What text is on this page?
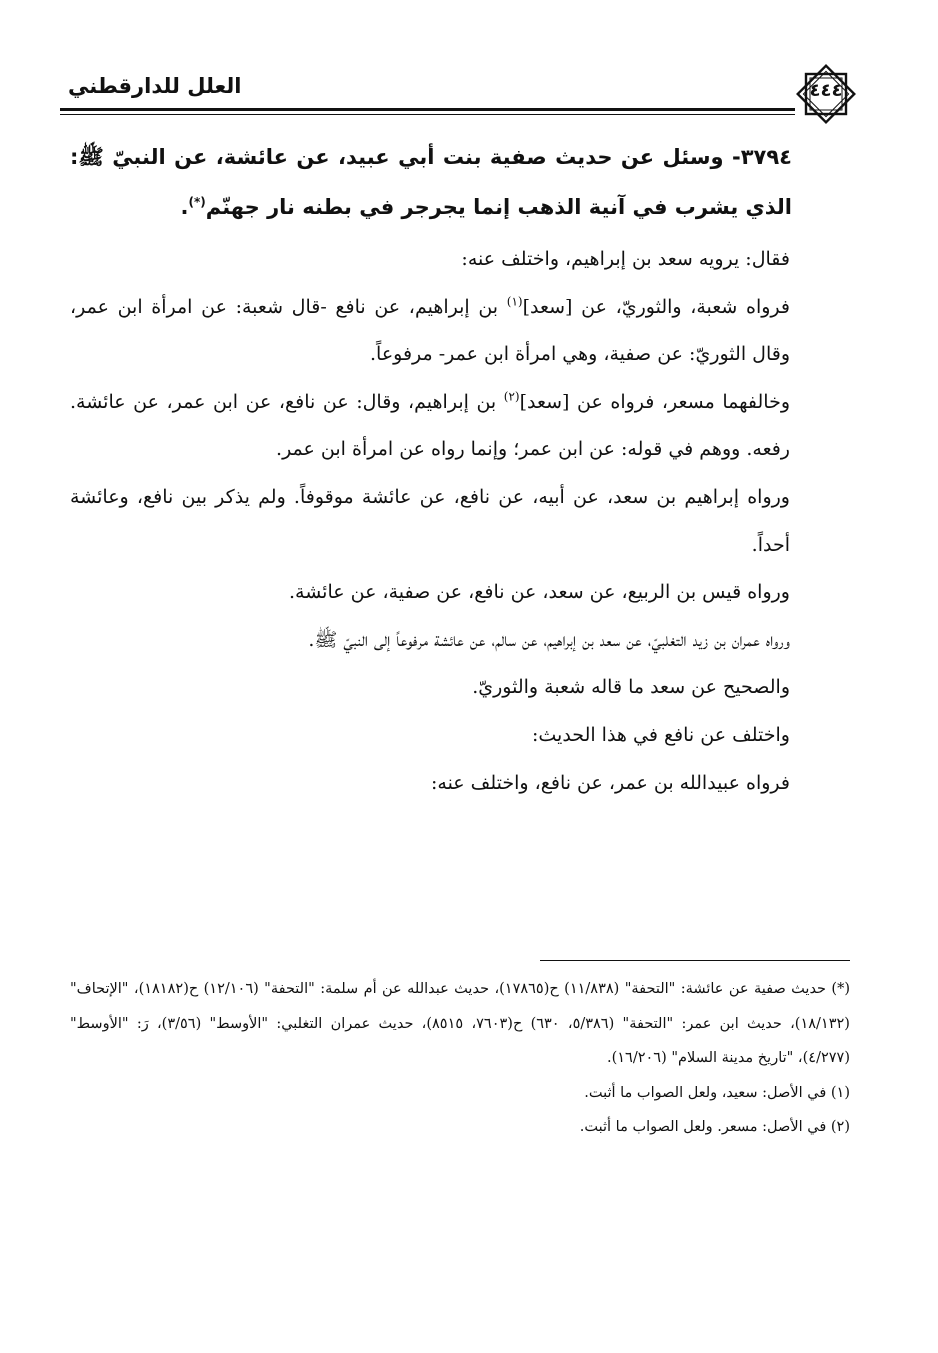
٤٤٤
العلل للدارقطني

٣٧٩٤- وسئل عن حديث صفية بنت أبي عبيد، عن عائشة، عن النبيّ ﷺ: الذي يشرب في آنية الذهب إنما يجرجر في بطنه نار جهنّم(*).

فقال: يرويه سعد بن إبراهيم، واختلف عنه:

فرواه شعبة، والثوريّ، عن [سعد]$^{(١)}$ بن إبراهيم، عن نافع -قال شعبة: عن امرأة ابن عمر، وقال الثوريّ: عن صفية، وهي امرأة ابن عمر- مرفوعاً.

وخالفهما مسعر، فرواه عن [سعد]$^{(٢)}$ بن إبراهيم، وقال: عن نافع، عن ابن عمر، عن عائشة. رفعه. ووهم في قوله: عن ابن عمر؛ وإنما رواه عن امرأة ابن عمر.

ورواه إبراهيم بن سعد، عن أبيه، عن نافع، عن عائشة موقوفاً. ولم يذكر بين نافع، وعائشة أحداً.

ورواه قيس بن الربيع، عن سعد، عن نافع، عن صفية، عن عائشة.

ورواه عمران بن زيد التغلبيّ، عن سعد بن إبراهيم، عن سالم، عن عائشة مرفوعاً إلى النبيّ ﷺ.

والصحيح عن سعد ما قاله شعبة والثوريّ.

واختلف عن نافع في هذا الحديث:

فرواه عبيدالله بن عمر، عن نافع، واختلف عنه:

(*) حديث صفية عن عائشة: "التحفة" (١١/٨٣٨) ح(١٧٨٦٥)، حديث عبدالله عن أم سلمة: "التحفة" (١٢/١٠٦) ح(١٨١٨٢)، "الإتحاف" (١٨/١٣٢)، حديث ابن عمر: "التحفة" (٥/٣٨٦، ٦٣٠) ح(٧٦٠٣، ٨٥١٥)، حديث عمران التغلبي: "الأوسط" (٣/٥٦)، رَ: "الأوسط" (٤/٢٧٧)، "تاريخ مدينة السلام" (١٦/٢٠٦).

(١) في الأصل: سعيد، ولعل الصواب ما أثبت.

(٢) في الأصل: مسعر. ولعل الصواب ما أثبت.
